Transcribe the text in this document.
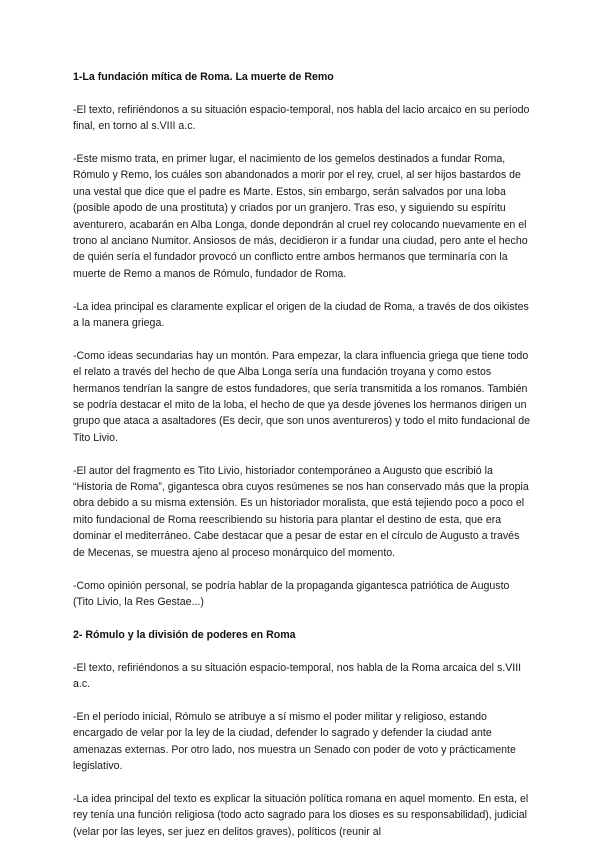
1-La fundación mítica de Roma. La muerte de Remo

-El texto, refiriéndonos a su situación espacio-temporal, nos habla del lacio arcaico en su período final, en torno al s.VIII a.c.

-Este mismo trata, en primer lugar, el nacimiento de los gemelos destinados a fundar Roma, Rómulo y Remo, los cuáles son abandonados a morir por el rey, cruel, al ser hijos bastardos de una vestal que dice que el padre es Marte. Estos, sin embargo, serán salvados por una loba (posible apodo de una prostituta) y criados por un granjero. Tras eso, y siguiendo su espíritu aventurero, acabarán en Alba Longa, donde depondrán al cruel rey colocando nuevamente en el trono al anciano Numitor. Ansiosos de más, decidieron ir a fundar una ciudad, pero ante el hecho de quién sería el fundador provocó un conflicto entre ambos hermanos que terminaría con la muerte de Remo a manos de Rómulo, fundador de Roma.

-La idea principal es claramente explicar el origen de la ciudad de Roma, a través de dos oikistes a la manera griega.

-Como ideas secundarias hay un montón. Para empezar, la clara influencia griega que tiene todo el relato a través del hecho de que Alba Longa sería una fundación troyana y como estos hermanos tendrían la sangre de estos fundadores, que sería transmitida a los romanos. También se podría destacar el mito de la loba, el hecho de que ya desde jóvenes los hermanos dirigen un grupo que ataca a asaltadores (Es decir, que son unos aventureros) y todo el mito fundacional de Tito Livio.

-El autor del fragmento es Tito Livio, historiador contemporáneo a Augusto que escribió la “Historia de Roma”, gigantesca obra cuyos resúmenes se nos han conservado más que la propia obra debido a su misma extensión. Es un historiador moralista, que está tejiendo poco a poco el mito fundacional de Roma reescribiendo su historia para plantar el destino de esta, que era dominar el mediterráneo. Cabe destacar que a pesar de estar en el círculo de Augusto a través de Mecenas, se muestra ajeno al proceso monárquico del momento.

-Como opinión personal, se podría hablar de la propaganda gigantesca patriótica de Augusto (Tito Livio, la Res Gestae...)

2- Rómulo y la división de poderes en Roma

-El texto, refiriéndonos a su situación espacio-temporal, nos habla de la Roma arcaica del s.VIII a.c.

-En el período inicial, Rómulo se atribuye a sí mismo el poder militar y religioso, estando encargado de velar por la ley de la ciudad, defender lo sagrado y defender la ciudad ante amenazas externas. Por otro lado, nos muestra un Senado con poder de voto y prácticamente legislativo.

-La idea principal del texto es explicar la situación política romana en aquel momento. En esta, el rey tenía una función religiosa (todo acto sagrado para los dioses es su responsabilidad), judicial (velar por las leyes, ser juez en delitos graves), políticos (reunir al
